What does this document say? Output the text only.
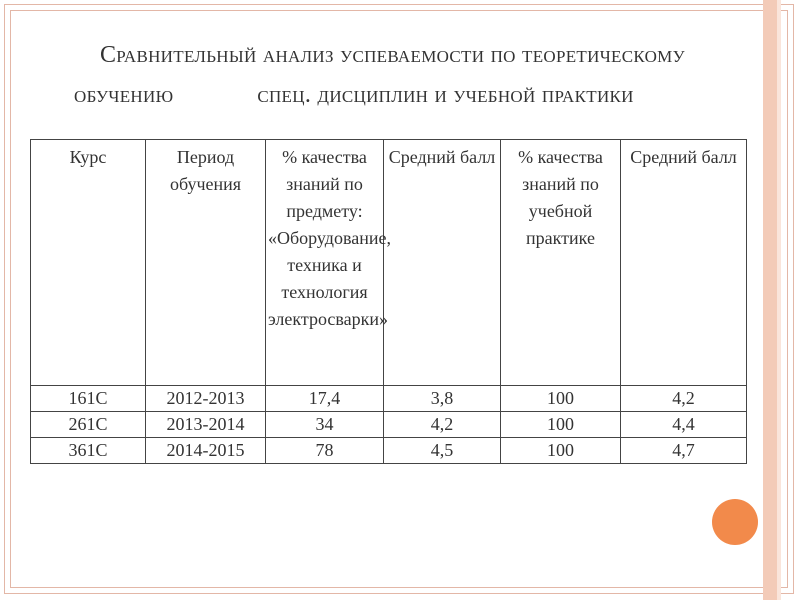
Сравнительный анализ успеваемости по теоретическому
обучению	спец. дисциплин и учебной практики
Курс	Период обучения	% качества знаний по предмету: «Оборудование, техника и технология электросварки»	Средний балл	% качества знаний по учебной практике	Средний балл
161С	2012-2013	17,4	3,8	100	4,2
261С	2013-2014	34	4,2	100	4,4
361С	2014-2015	78	4,5	100	4,7
